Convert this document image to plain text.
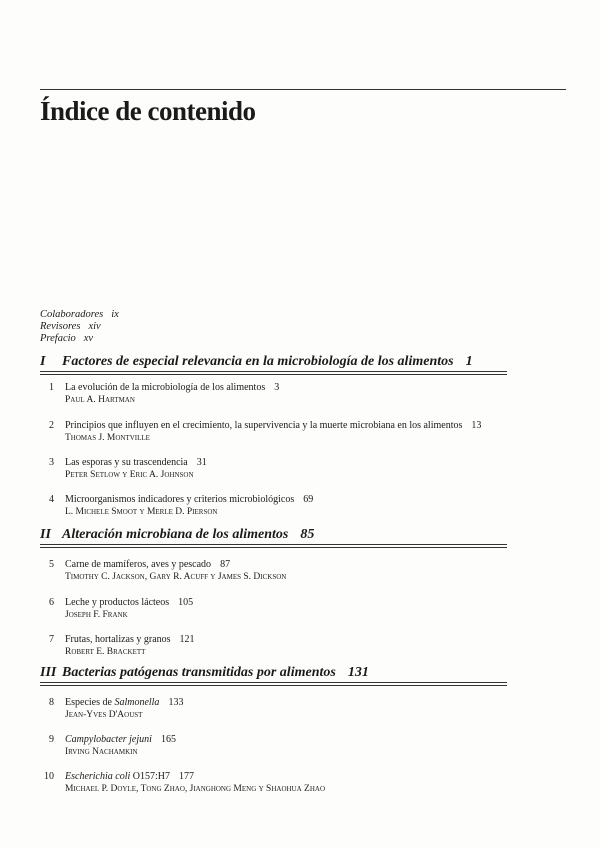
Índice de contenido
Colaboradores ix
Revisores xiv
Prefacio xv
I Factores de especial relevancia en la microbiología de los alimentos 1
1 La evolución de la microbiología de los alimentos 3
Paul A. Hartman
2 Principios que influyen en el crecimiento, la supervivencia y la muerte microbiana en los alimentos 13
Thomas J. Montville
3 Las esporas y su trascendencia 31
Peter Setlow y Eric A. Johnson
4 Microorganismos indicadores y criterios microbiológicos 69
L. Michele Smoot y Merle D. Pierson
II Alteración microbiana de los alimentos 85
5 Carne de mamíferos, aves y pescado 87
Timothy C. Jackson, Gary R. Acuff y James S. Dickson
6 Leche y productos lácteos 105
Joseph F. Frank
7 Frutas, hortalizas y granos 121
Robert E. Brackett
III Bacterias patógenas transmitidas por alimentos 131
8 Especies de Salmonella 133
Jean-Yves D'Aoust
9 Campylobacter jejuni 165
Irving Nachamkin
10 Escherichia coli O157:H7 177
Michael P. Doyle, Tong Zhao, Jianghong Meng y Shaohua Zhao
